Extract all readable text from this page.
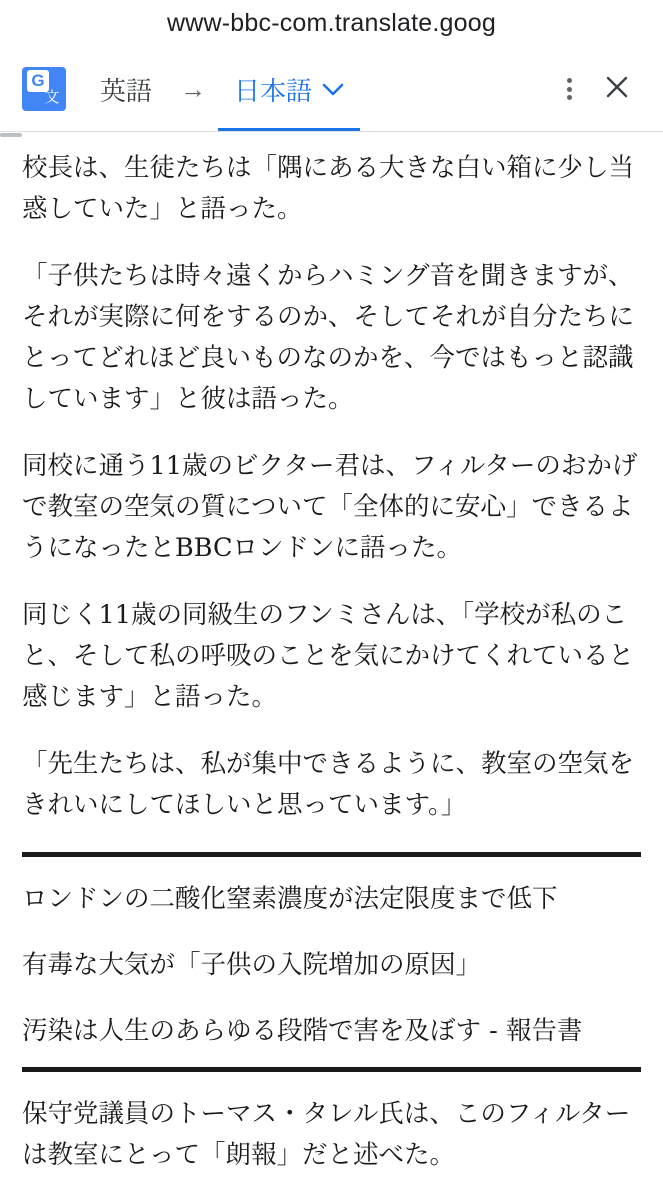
www-bbc-com.translate.goog
G
文 英語 → 日本語

校長は、生徒たちは「隅にある大きな白い箱に少し当惑していた」と語った。

「子供たちは時々遠くからハミング音を聞きますが、それが実際に何をするのか、そしてそれが自分たちにとってどれほど良いものなのかを、今ではもっと認識しています」と彼は語った。

同校に通う11歳のビクター君は、フィルターのおかげで教室の空気の質について「全体的に安心」できるようになったとBBCロンドンに語った。

同じく11歳の同級生のフンミさんは、「学校が私のこと、そして私の呼吸のことを気にかけてくれていると感じます」と語った。

「先生たちは、私が集中できるように、教室の空気をきれいにしてほしいと思っています。」

ロンドンの二酸化窒素濃度が法定限度まで低下
有毒な大気が「子供の入院増加の原因」
汚染は人生のあらゆる段階で害を及ぼす - 報告書

保守党議員のトーマス・タレル氏は、このフィルターは教室にとって「朗報」だと述べた。
